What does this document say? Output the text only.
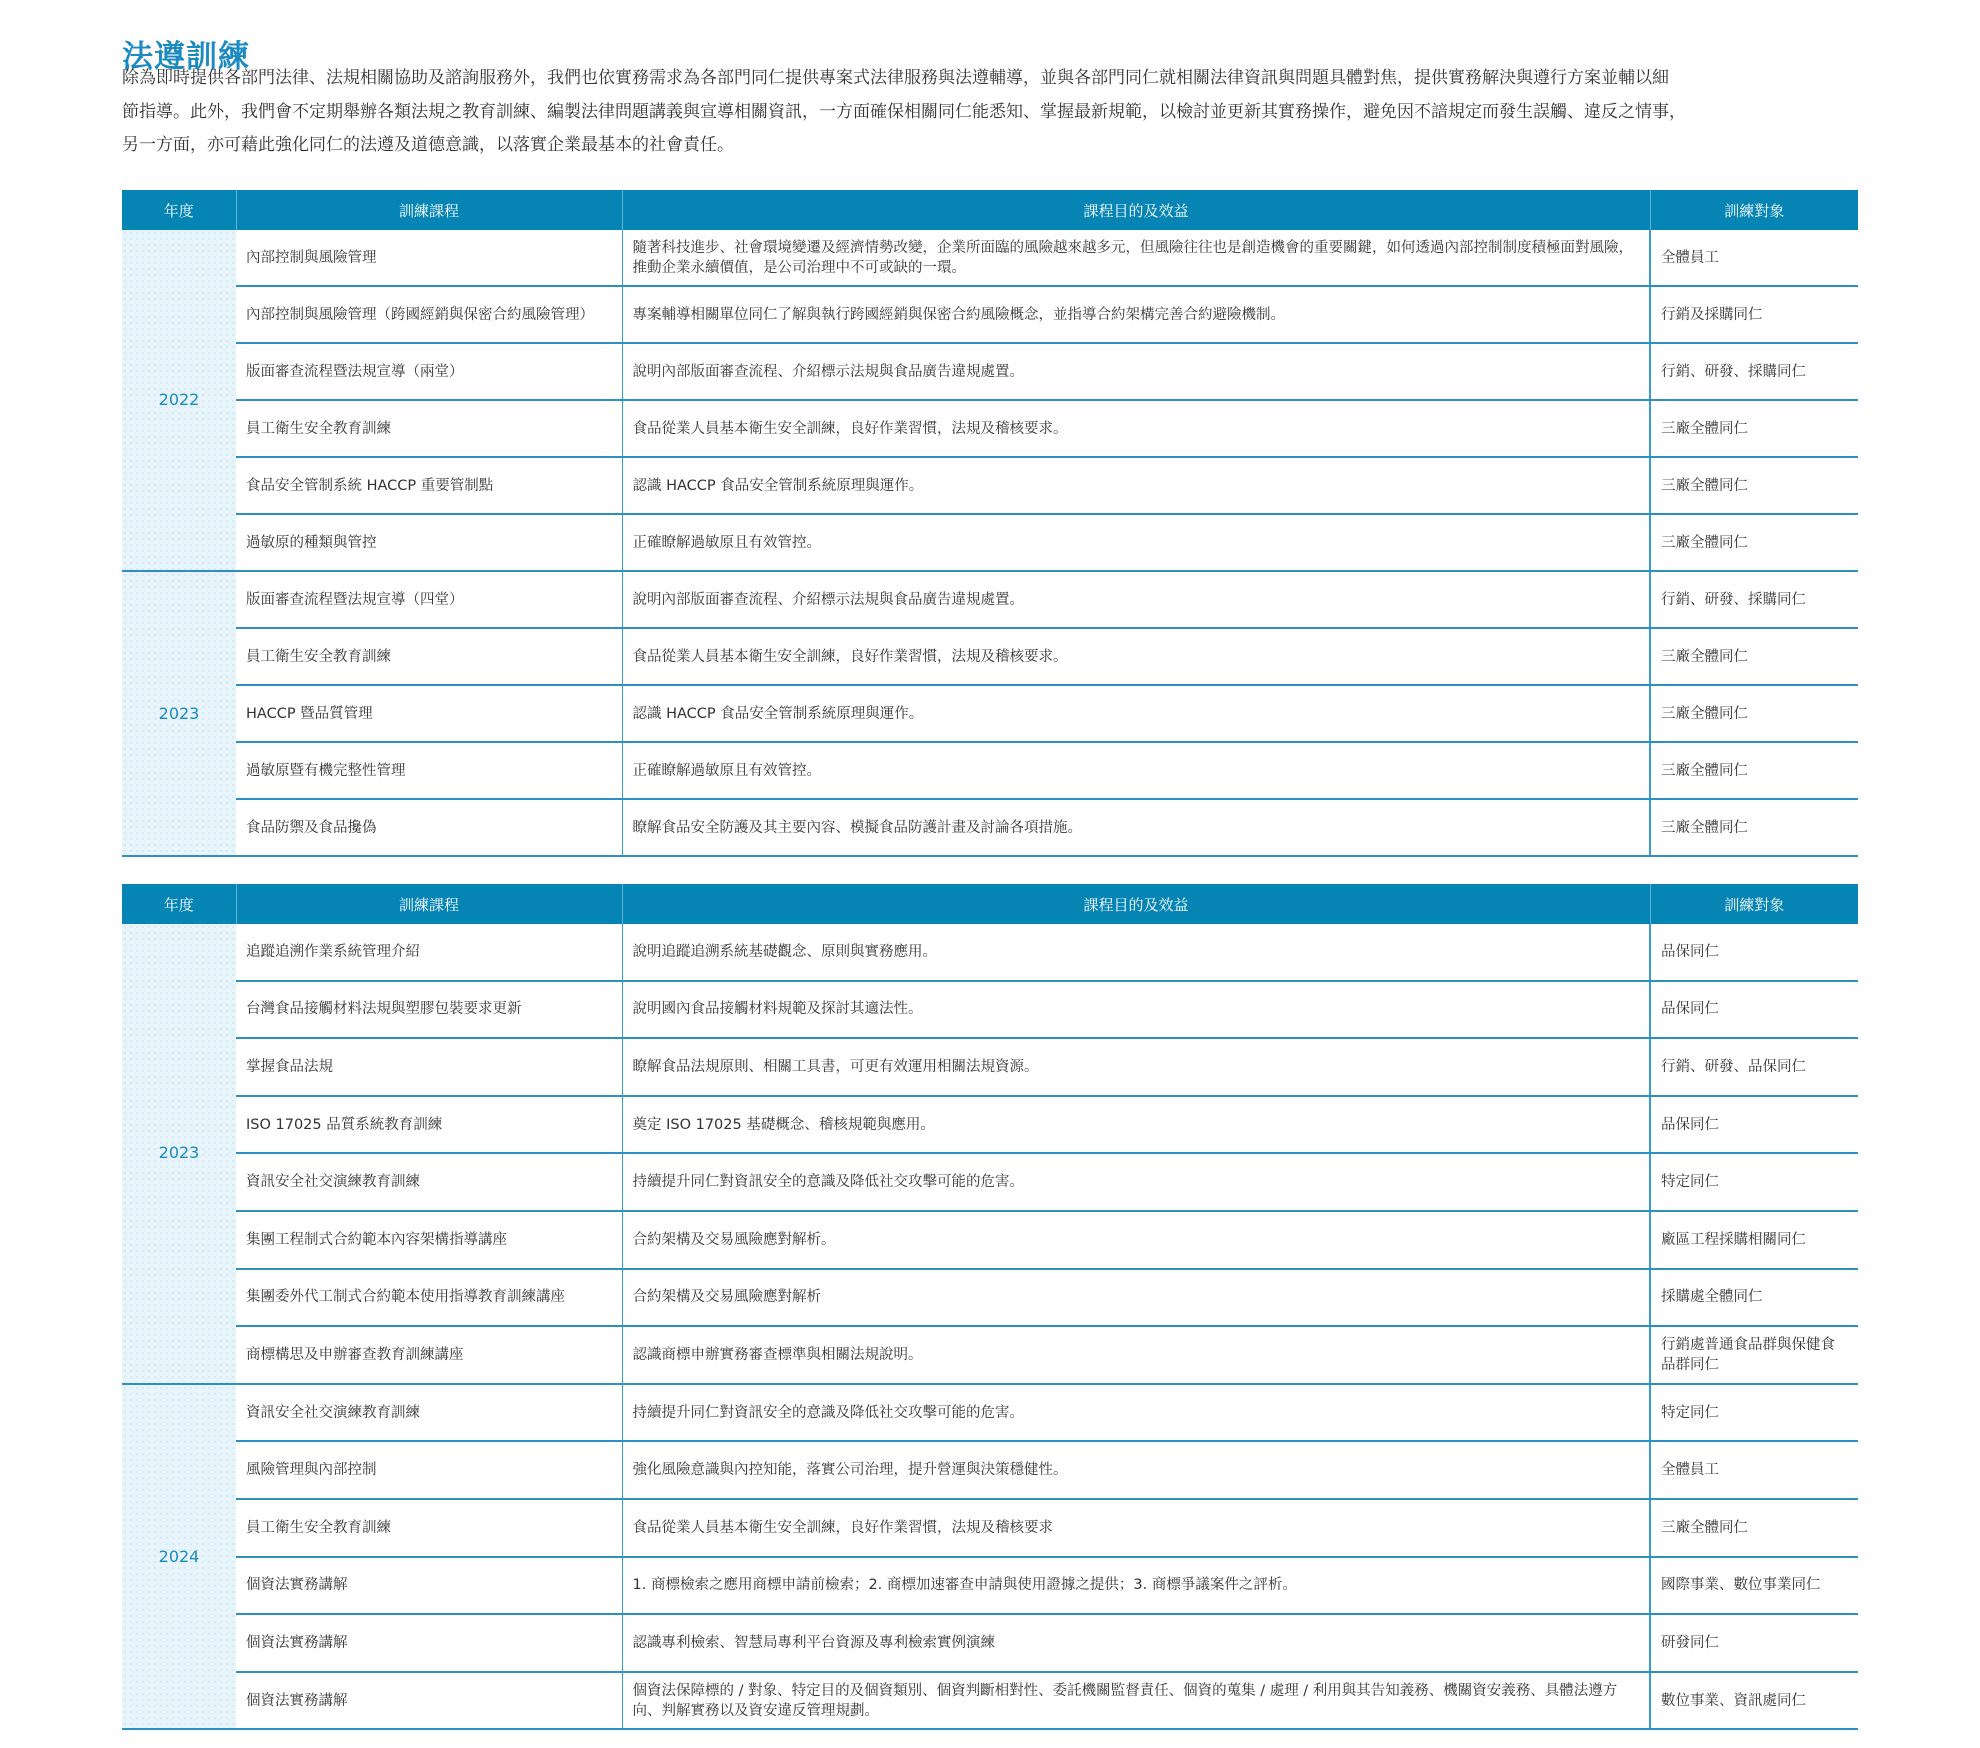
法遵訓練

除為即時提供各部門法律、法規相關協助及諮詢服務外，我們也依實務需求為各部門同仁提供專案式法律服務與法遵輔導，並與各部門同仁就相關法律資訊與問題具體對焦，提供實務解決與遵行方案並輔以細

節指導。此外，我們會不定期舉辦各類法規之教育訓練、編製法律問題講義與宣導相關資訊，一方面確保相關同仁能悉知、掌握最新規範，以檢討並更新其實務操作，避免因不諳規定而發生誤觸、違反之情事，

另一方面，亦可藉此強化同仁的法遵及道德意識，以落實企業最基本的社會責任。

年度	訓練課程	課程目的及效益	訓練對象
2022	內部控制與風險管理	隨著科技進步、社會環境變遷及經濟情勢改變，企業所面臨的風險越來越多元，但風險往往也是創造機會的重要關鍵，如何透過內部控制制度積極面對風險，推動企業永續價值，是公司治理中不可或缺的一環。	全體員工
	內部控制與風險管理（跨國經銷與保密合約風險管理）	專案輔導相關單位同仁了解與執行跨國經銷與保密合約風險概念，並指導合約架構完善合約避險機制。	行銷及採購同仁
	版面審查流程暨法規宣導（兩堂）	說明內部版面審查流程、介紹標示法規與食品廣告違規處置。	行銷、研發、採購同仁
	員工衛生安全教育訓練	食品從業人員基本衛生安全訓練，良好作業習慣，法規及稽核要求。	三廠全體同仁
	食品安全管制系統 HACCP 重要管制點	認識 HACCP 食品安全管制系統原理與運作。	三廠全體同仁
	過敏原的種類與管控	正確瞭解過敏原且有效管控。	三廠全體同仁
2023	版面審查流程暨法規宣導（四堂）	說明內部版面審查流程、介紹標示法規與食品廣告違規處置。	行銷、研發、採購同仁
	員工衛生安全教育訓練	食品從業人員基本衛生安全訓練，良好作業習慣，法規及稽核要求。	三廠全體同仁
	HACCP 暨品質管理	認識 HACCP 食品安全管制系統原理與運作。	三廠全體同仁
	過敏原暨有機完整性管理	正確瞭解過敏原且有效管控。	三廠全體同仁
	食品防禦及食品攙偽	瞭解食品安全防護及其主要內容、模擬食品防護計畫及討論各項措施。	三廠全體同仁
年度	訓練課程	課程目的及效益	訓練對象
2023	追蹤追溯作業系統管理介紹	說明追蹤追溯系統基礎觀念、原則與實務應用。	品保同仁
	台灣食品接觸材料法規與塑膠包裝要求更新	說明國內食品接觸材料規範及探討其適法性。	品保同仁
	掌握食品法規	瞭解食品法規原則、相關工具書，可更有效運用相關法規資源。	行銷、研發、品保同仁
	ISO 17025 品質系統教育訓練	奠定 ISO 17025 基礎概念、稽核規範與應用。	品保同仁
	資訊安全社交演練教育訓練	持續提升同仁對資訊安全的意識及降低社交攻擊可能的危害。	特定同仁
	集團工程制式合約範本內容架構指導講座	合約架構及交易風險應對解析。	廠區工程採購相關同仁
	集團委外代工制式合約範本使用指導教育訓練講座	合約架構及交易風險應對解析	採購處全體同仁
	商標構思及申辦審查教育訓練講座	認識商標申辦實務審查標準與相關法規說明。	行銷處普通食品群與保健食品群同仁
2024	資訊安全社交演練教育訓練	持續提升同仁對資訊安全的意識及降低社交攻擊可能的危害。	特定同仁
	風險管理與內部控制	強化風險意識與內控知能，落實公司治理，提升營運與決策穩健性。	全體員工
	員工衛生安全教育訓練	食品從業人員基本衛生安全訓練，良好作業習慣，法規及稽核要求	三廠全體同仁
	個資法實務講解	1. 商標檢索之應用商標申請前檢索；2. 商標加速審查申請與使用證據之提供；3. 商標爭議案件之評析。	國際事業、數位事業同仁
	個資法實務講解	認識專利檢索、智慧局專利平台資源及專利檢索實例演練	研發同仁
	個資法實務講解	個資法保障標的 / 對象、特定目的及個資類別、個資判斷相對性、委託機關監督責任、個資的蒐集 / 處理 / 利用與其告知義務、機關資安義務、具體法遵方向、判解實務以及資安違反管理規劃。	數位事業、資訊處同仁
